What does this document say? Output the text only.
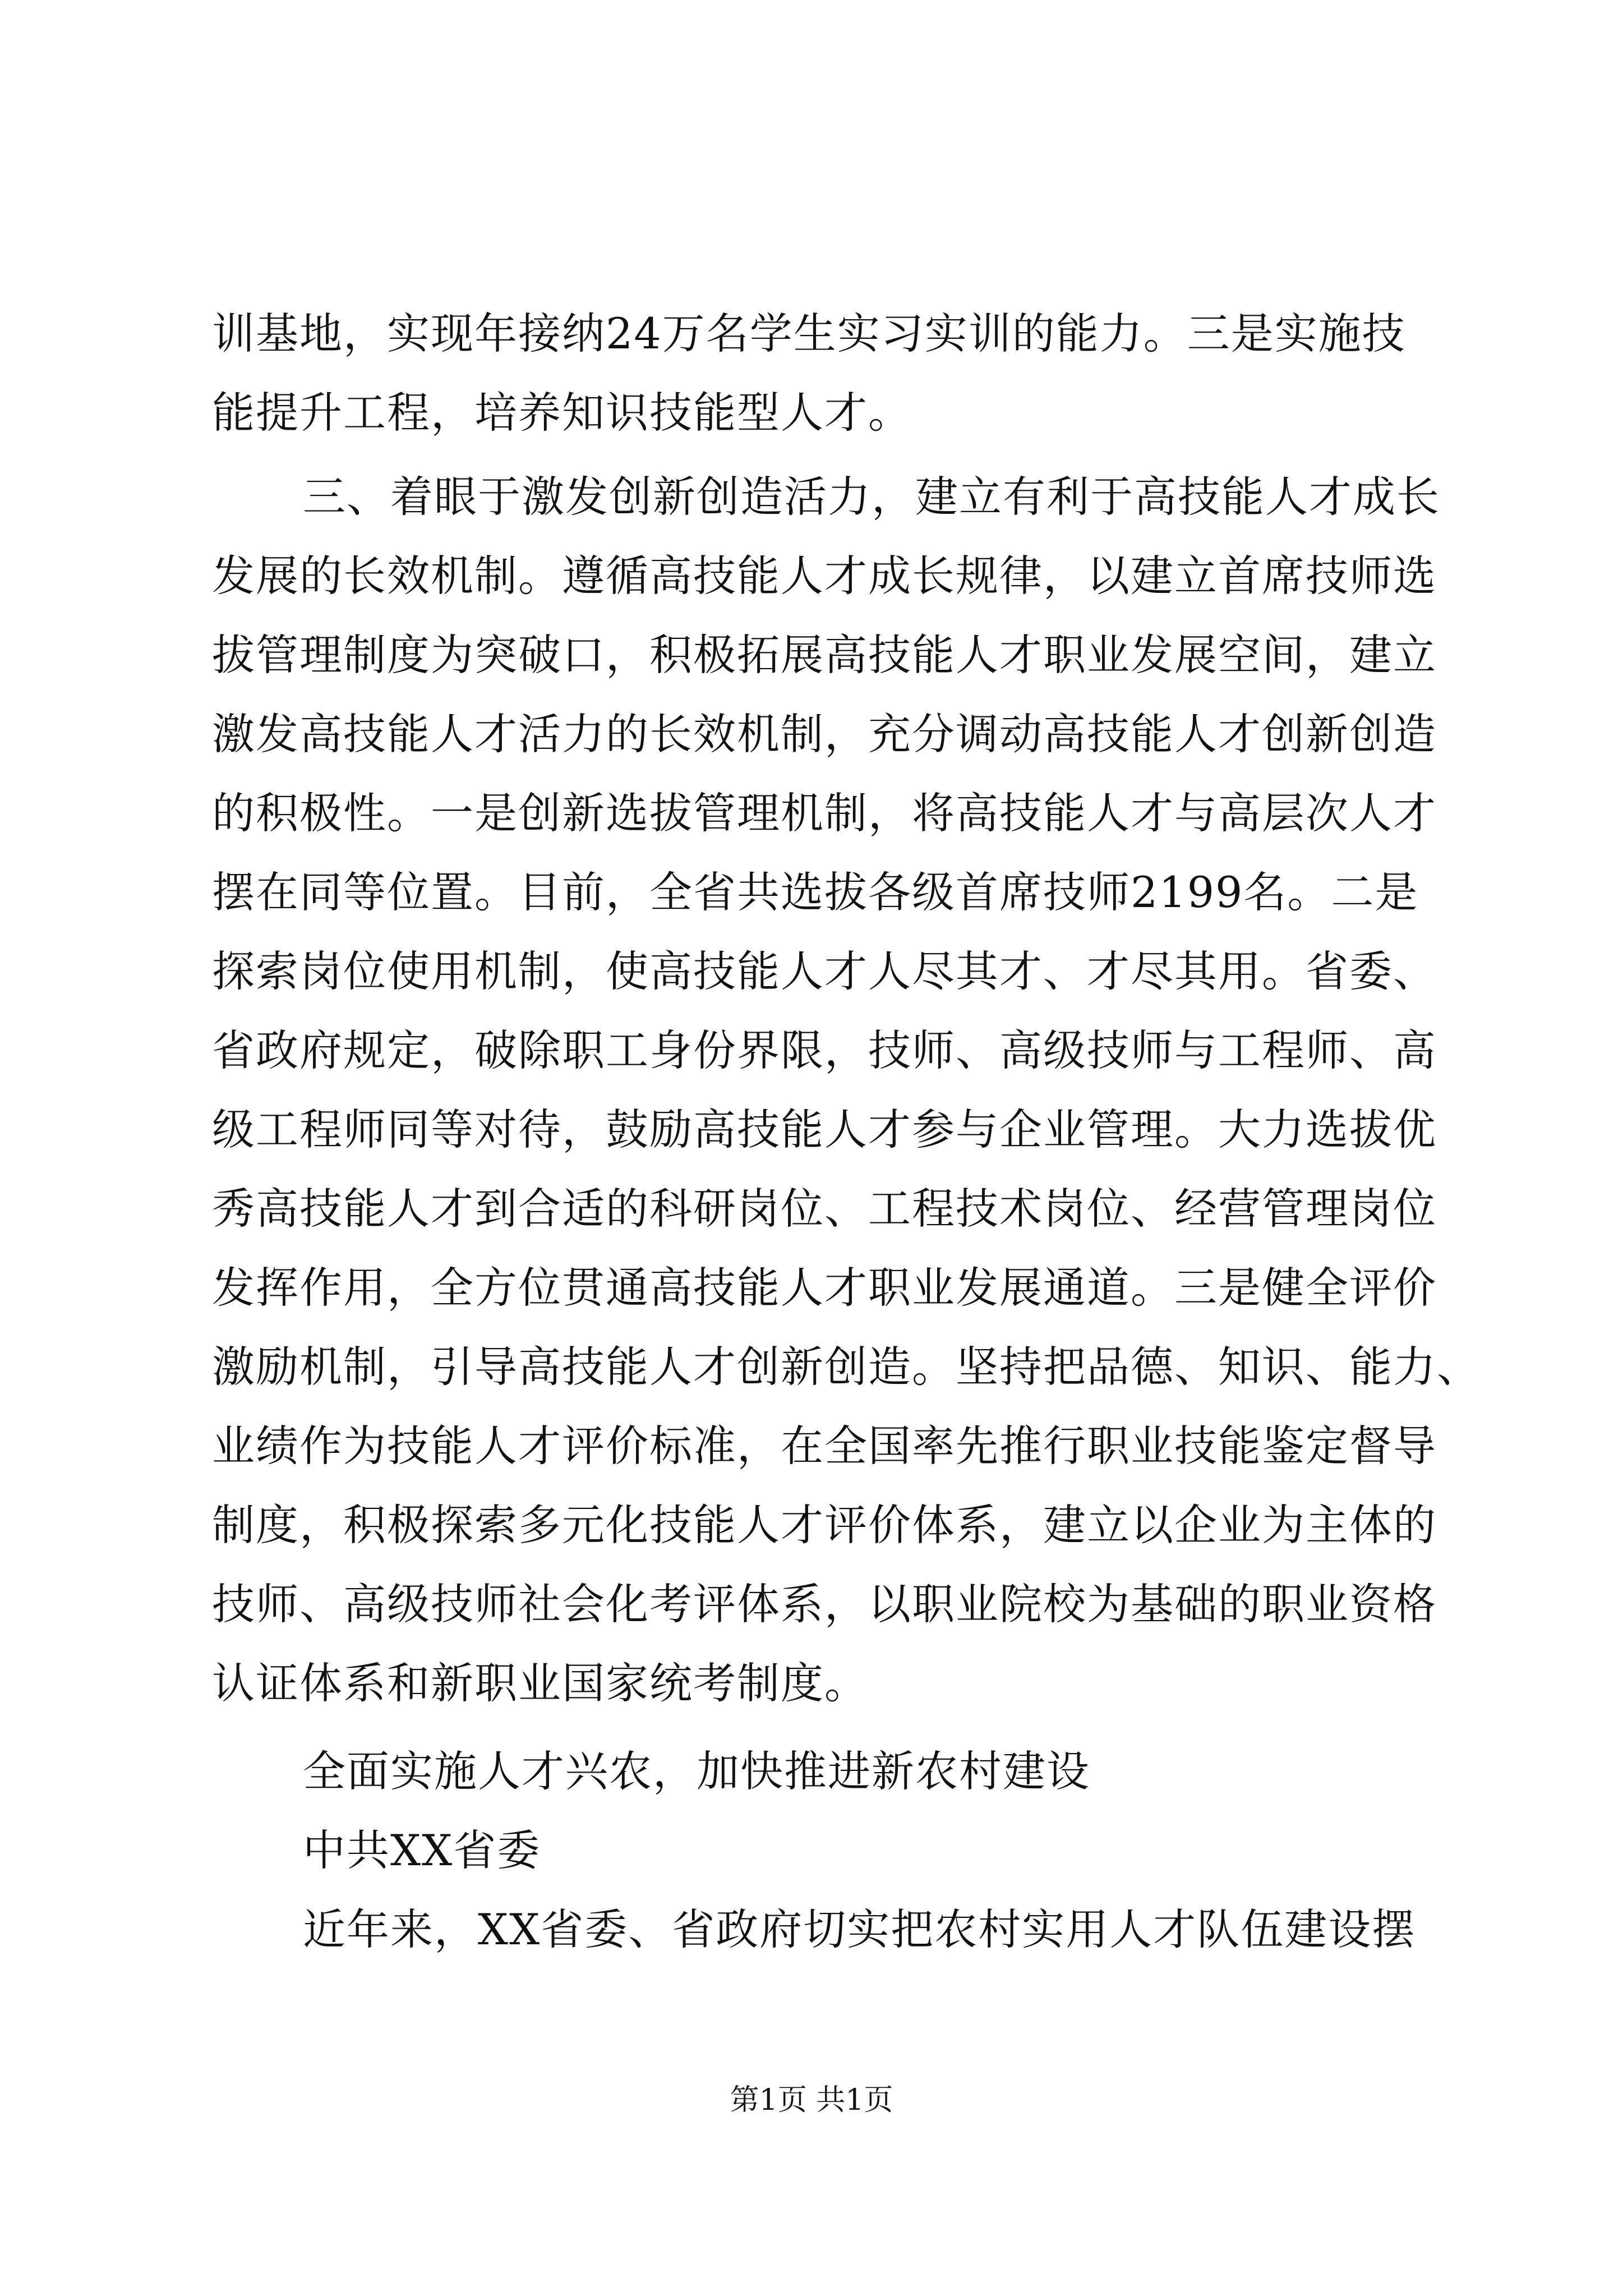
训基地，实现年接纳24万名学生实习实训的能力。三是实施技
能提升工程，培养知识技能型人才。
三、着眼于激发创新创造活力，建立有利于高技能人才成长
发展的长效机制。遵循高技能人才成长规律，以建立首席技师选
拔管理制度为突破口，积极拓展高技能人才职业发展空间，建立
激发高技能人才活力的长效机制，充分调动高技能人才创新创造
的积极性。一是创新选拔管理机制，将高技能人才与高层次人才
摆在同等位置。目前，全省共选拔各级首席技师2199名。二是
探索岗位使用机制，使高技能人才人尽其才、才尽其用。省委、
省政府规定，破除职工身份界限，技师、高级技师与工程师、高
级工程师同等对待，鼓励高技能人才参与企业管理。大力选拔优
秀高技能人才到合适的科研岗位、工程技术岗位、经营管理岗位
发挥作用，全方位贯通高技能人才职业发展通道。三是健全评价
激励机制，引导高技能人才创新创造。坚持把品德、知识、能力、
业绩作为技能人才评价标准，在全国率先推行职业技能鉴定督导
制度，积极探索多元化技能人才评价体系，建立以企业为主体的
技师、高级技师社会化考评体系，以职业院校为基础的职业资格
认证体系和新职业国家统考制度。
全面实施人才兴农，加快推进新农村建设
中共XX省委
近年来，XX省委、省政府切实把农村实用人才队伍建设摆
第1页 共1页
